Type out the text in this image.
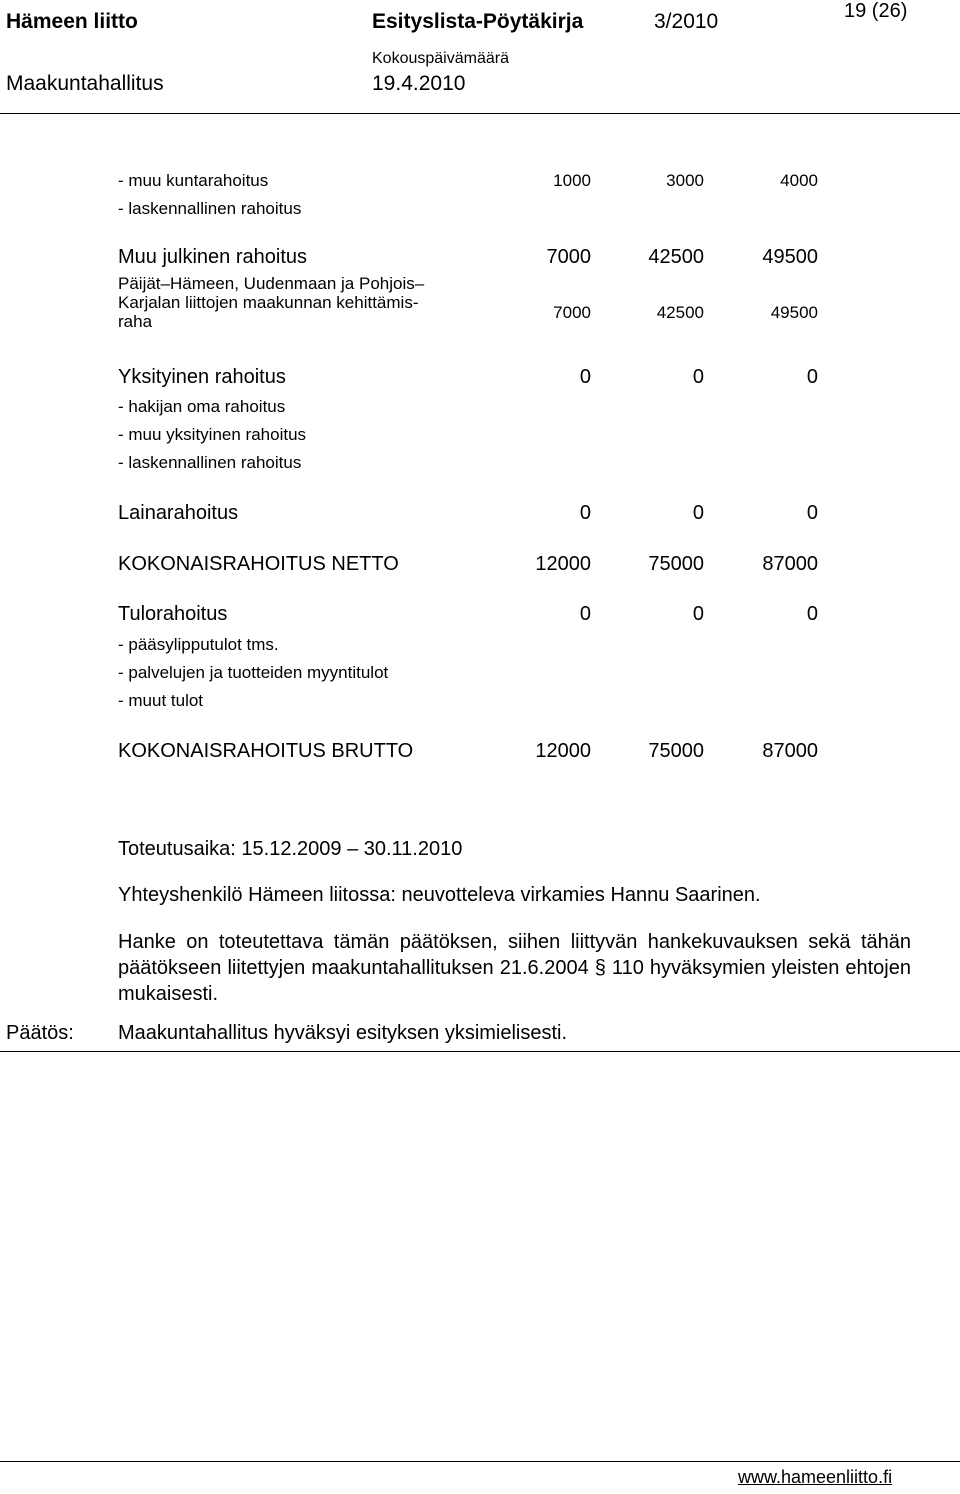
Hämeen liitto	Esityslista-Pöytäkirja	3/2010	19 (26)
Kokouspäivämäärä
Maakuntahallitus	19.4.2010
- muu kuntarahoitus	1000	3000	4000
- laskennallinen rahoitus
Muu julkinen rahoitus	7000	42500	49500
Päijät–Hämeen, Uudenmaan ja Pohjois–
Karjalan liittojen maakunnan kehittämis-
raha	7000	42500	49500
Yksityinen rahoitus	0	0	0
- hakijan oma rahoitus
- muu yksityinen rahoitus
- laskennallinen rahoitus
Lainarahoitus	0	0	0
KOKONAISRAHOITUS NETTO	12000	75000	87000
Tulorahoitus	0	0	0
- pääsylipputulot tms.
- palvelujen ja tuotteiden myyntitulot
- muut tulot
KOKONAISRAHOITUS BRUTTO	12000	75000	87000
Toteutusaika: 15.12.2009 – 30.11.2010
Yhteyshenkilö Hämeen liitossa: neuvotteleva virkamies Hannu Saarinen.
Hanke on toteutettava tämän päätöksen, siihen liittyvän hankekuvauksen sekä tähän päätökseen liitettyjen maakuntahallituksen 21.6.2004 § 110 hyväksymien yleisten ehtojen mukaisesti.
Päätös: Maakuntahallitus hyväksyi esityksen yksimielisesti.
www.hameenliitto.fi
